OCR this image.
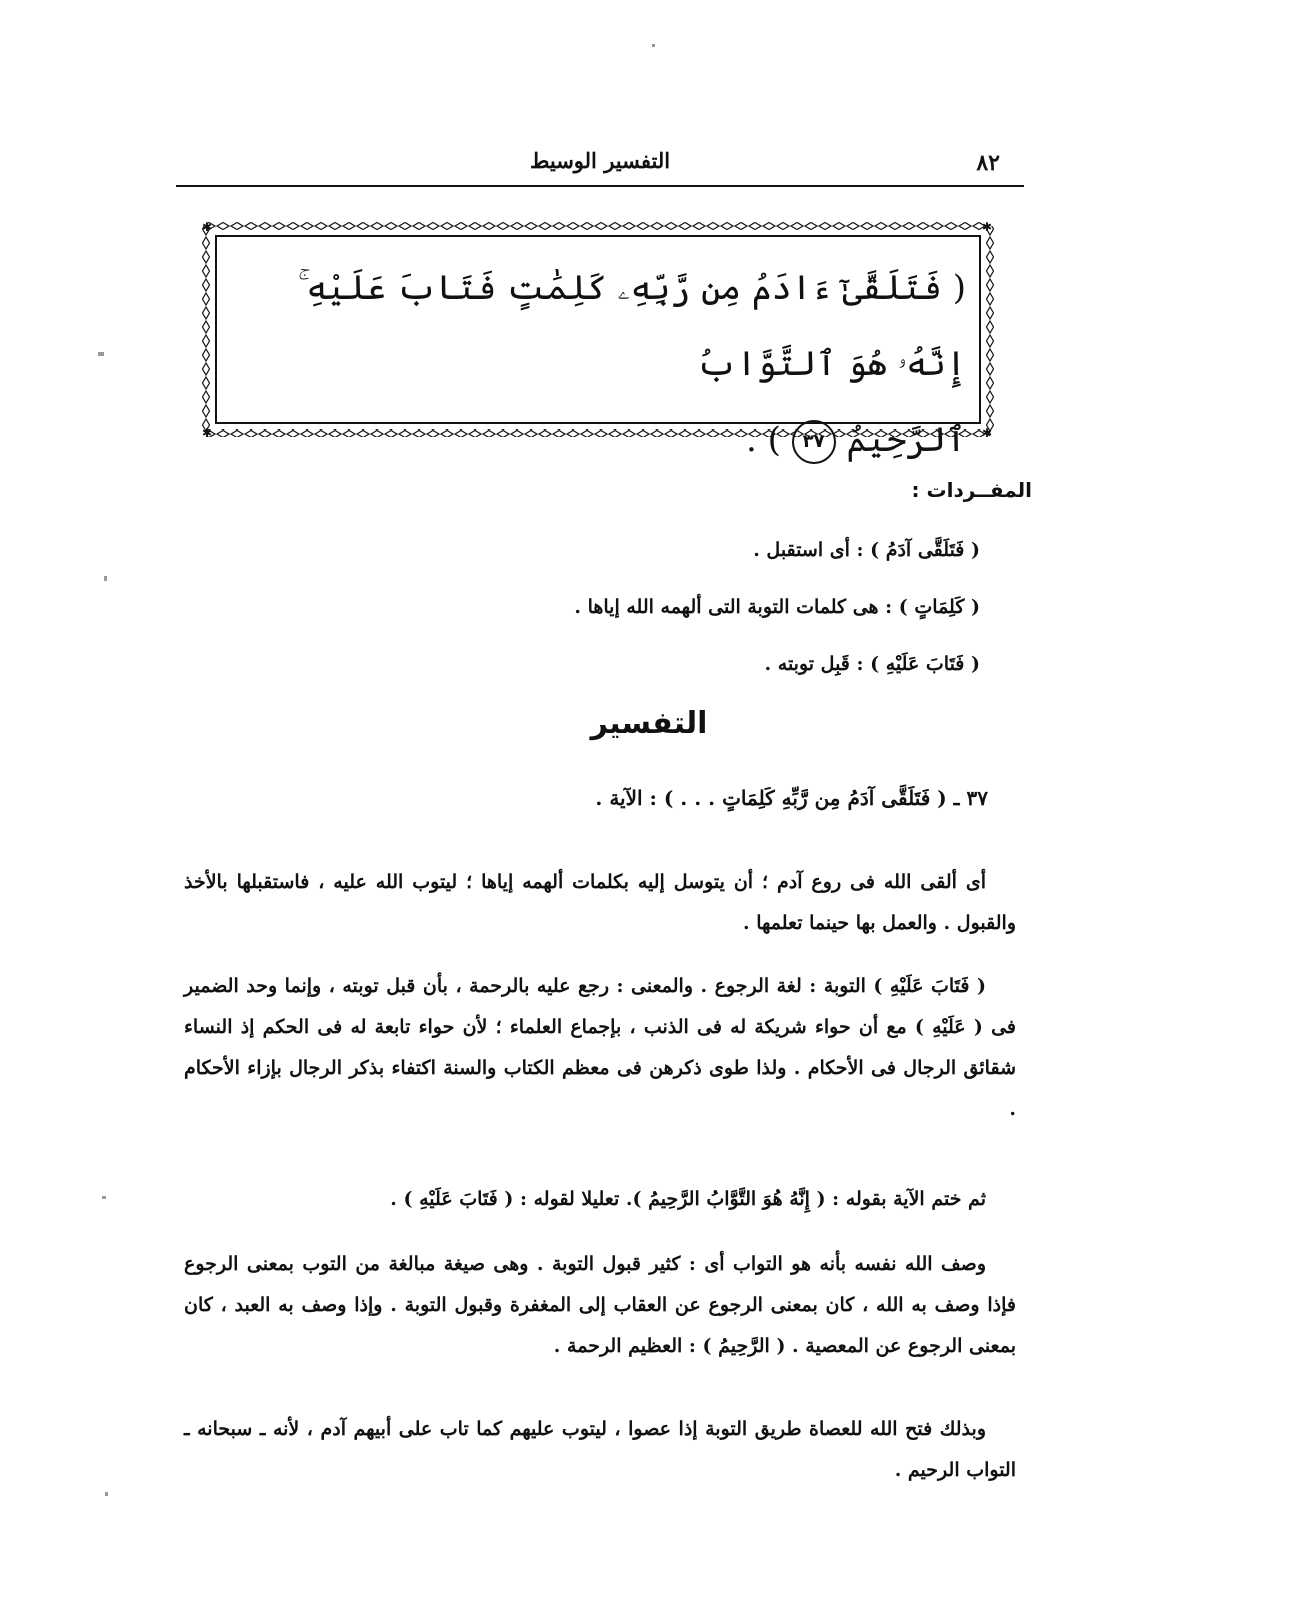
٨٢
التفسير الوسيط
✱	✱
✱	✱
( فَتَلَقَّىٰٓ ءَادَمُ مِن رَّبِّهِۦ كَلِمَٰتٍ فَتَابَ عَلَيْهِ ۚ إِنَّهُۥ هُوَ ٱلتَّوَّابُ
ٱلرَّحِيمُ ٣٧ ) .
المفــردات :
( فَتَلَقَّى آدَمُ ) : أى استقبل .
( كَلِمَاتٍ ) : هى كلمات التوبة التى ألهمه الله إياها .
( فَتَابَ عَلَيْهِ ) : قَبِل توبته .
التفسير
٣٧ ـ ( فَتَلَقَّى آدَمُ مِن رَّبِّهِ كَلِمَاتٍ . . . ) : الآية .

أى ألقى الله فى روع آدم ؛ أن يتوسل إليه بكلمات ألهمه إياها ؛ ليتوب الله عليه ، فاستقبلها بالأخذ والقبول . والعمل بها حينما تعلمها .

( فَتَابَ عَلَيْهِ ) التوبة : لغة الرجوع . والمعنى : رجع عليه بالرحمة ، بأن قبل توبته ، وإنما وحد الضمير فى ( عَلَيْهِ ) مع أن حواء شريكة له فى الذنب ، بإجماع العلماء ؛ لأن حواء تابعة له فى الحكم إذ النساء شقائق الرجال فى الأحكام . ولذا طوى ذكرهن فى معظم الكتاب والسنة اكتفاء بذكر الرجال بإزاء الأحكام .

ثم ختم الآية بقوله : ( إِنَّهُ هُوَ التَّوَّابُ الرَّحِيمُ ). تعليلا لقوله : ( فَتَابَ عَلَيْهِ ) .

وصف الله نفسه بأنه هو التواب أى : كثير قبول التوبة . وهى صيغة مبالغة من التوب بمعنى الرجوع فإذا وصف به الله ، كان بمعنى الرجوع عن العقاب إلى المغفرة وقبول التوبة . وإذا وصف به العبد ، كان بمعنى الرجوع عن المعصية . ( الرَّحِيمُ ) : العظيم الرحمة .

وبذلك فتح الله للعصاة طريق التوبة إذا عصوا ، ليتوب عليهم كما تاب على أبيهم آدم ، لأنه ـ سبحانه ـ التواب الرحيم .
